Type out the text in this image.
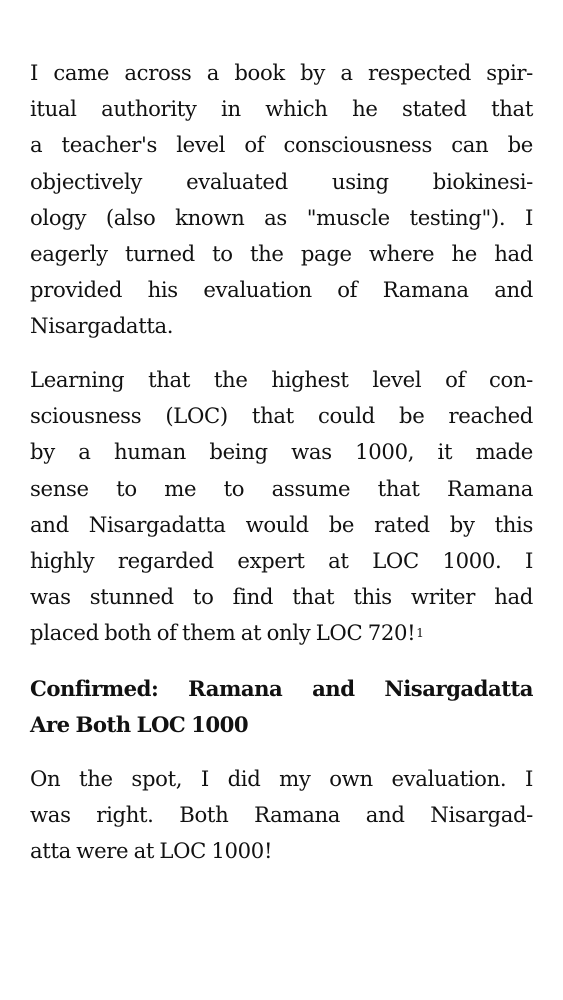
I came across a book by a respected spir-
itual authority in which he stated that
a teacher's level of consciousness can be
objectively evaluated using biokinesi-
ology (also known as "muscle testing"). I
eagerly turned to the page where he had
provided his evaluation of Ramana and
Nisargadatta.
Learning that the highest level of con-
sciousness (LOC) that could be reached
by a human being was 1000, it made
sense to me to assume that Ramana
and Nisargadatta would be rated by this
highly regarded expert at LOC 1000. I
was stunned to find that this writer had
placed both of them at only LOC 720!$^1$
Confirmed: Ramana and Nisargadatta
Are Both LOC 1000
On the spot, I did my own evaluation. I
was right. Both Ramana and Nisargad-
atta were at LOC 1000!
